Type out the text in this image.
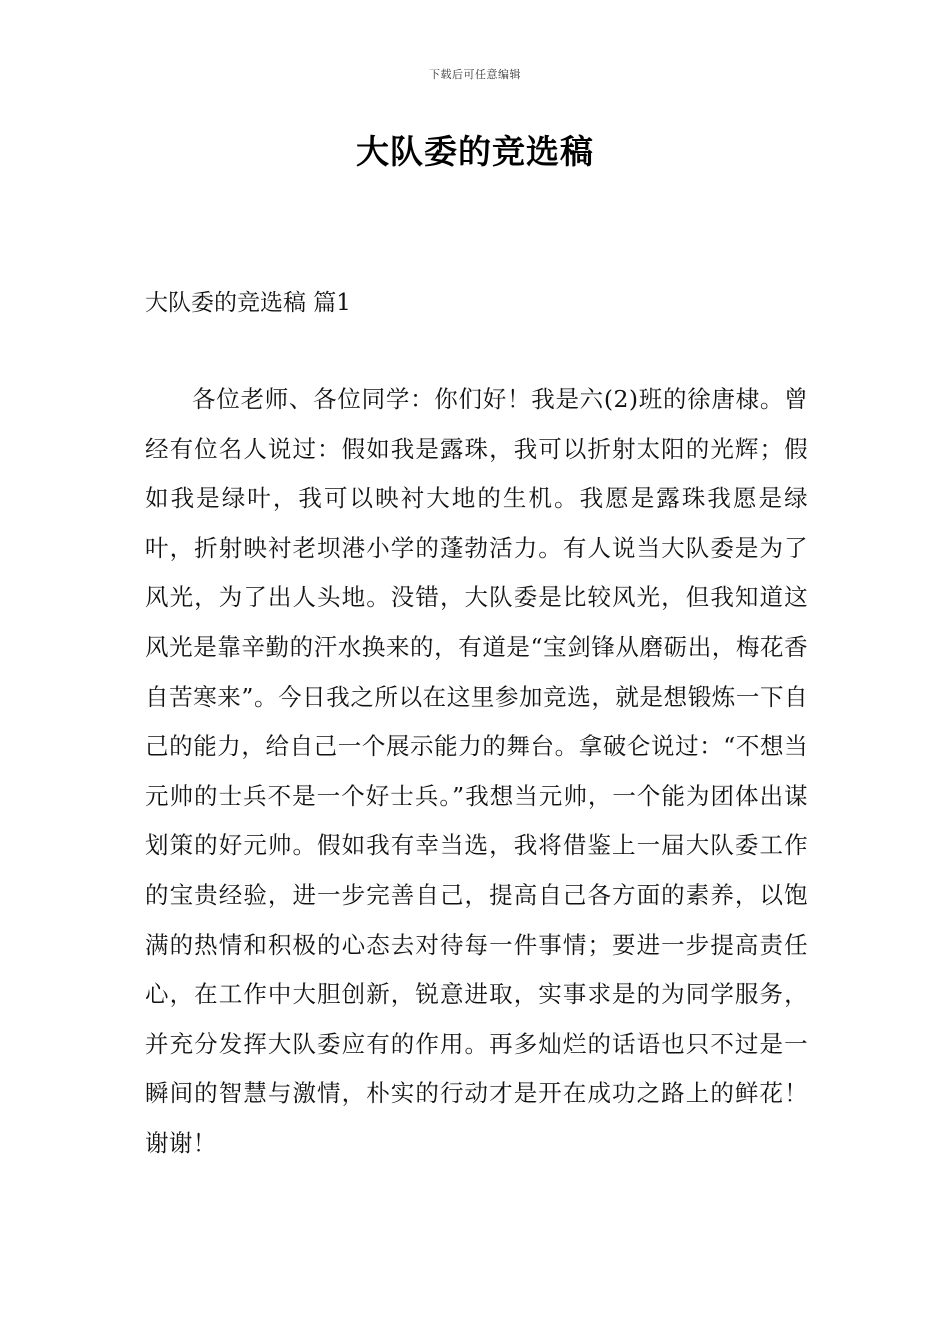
下载后可任意编辑
大队委的竞选稿
大队委的竞选稿 篇1
各位老师、各位同学：你们好！我是六(2)班的徐唐棣。曾经有位名人说过：假如我是露珠，我可以折射太阳的光辉；假如我是绿叶，我可以映衬大地的生机。我愿是露珠我愿是绿叶，折射映衬老坝港小学的蓬勃活力。有人说当大队委是为了风光，为了出人头地。没错，大队委是比较风光，但我知道这风光是靠辛勤的汗水换来的，有道是“宝剑锋从磨砺出，梅花香自苦寒来”。今日我之所以在这里参加竞选，就是想锻炼一下自己的能力，给自己一个展示能力的舞台。拿破仑说过：“不想当元帅的士兵不是一个好士兵。”我想当元帅，一个能为团体出谋划策的好元帅。假如我有幸当选，我将借鉴上一届大队委工作的宝贵经验，进一步完善自己，提高自己各方面的素养，以饱满的热情和积极的心态去对待每一件事情；要进一步提高责任心，在工作中大胆创新，锐意进取，实事求是的为同学服务，并充分发挥大队委应有的作用。再多灿烂的话语也只不过是一瞬间的智慧与激情，朴实的行动才是开在成功之路上的鲜花！谢谢！
